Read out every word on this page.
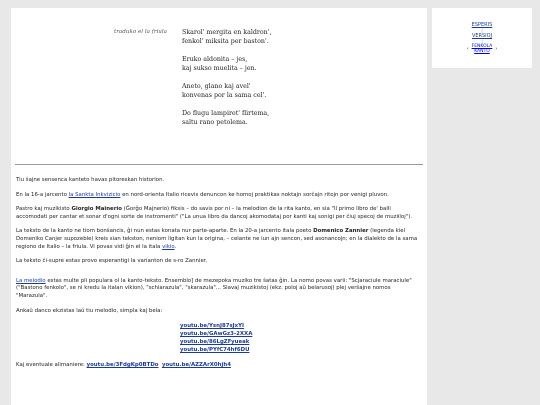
traduko el la friula Skarol' mergita en kaldron',
fenkol' miksita per baston'.
Eruko aldonita – jes,
kaj sukso muelita – jen.
Aneto, glano kaj avel'
konvenas por la sama cel'.
Do flugu lampiret' flirtema,
saltu rano petolema.

Tiu ŝajne sensenca kanteto havas pitoreskan historion.

En la 16-a jarcento la Sankta Inkvizicio en nord-orienta Italio ricevis denuncon ke homoj praktikas noktajn sorĉajn ritojn por venigi pluvon.

Pastro kaj muzikisto Giorgio Mainerio (Ĝorĝo Majnerio) fiksis – do savis por ni – la melodion de la rita kanto, en sia "Il primo libro de' balli accomodati per cantar et sonar d'ogni sorte de instromenti" ("La unua libro da dancoj akomodataj por kanti kaj sonigi per ĉiuj specoj de muziiloj").

La teksto de la kanto ne tiom bonŝancis, ĝi nun estas konata nur parte-aparte. En la 20-a jarcento itala poeto Domenico Zannier (legenda kiel Domeniko Canjer supozeble) kreis sian tekston, neniom ligitan kun la origina, – celante ne iun ajn sencon, sed asonancojn; en la dialekto de la sama regiono de Italio – la friula. Vi povas vidi ĝin el la itala vikio.

La teksto ĉi-supre estas provo esperantigi la varianton de s-ro Zannier.

La melodio estas multe pli populara ol la kanto-teksto. Ensemblo] de mezepoka muziko tre ŝatas ĝin. La nomo povas varii: "Scjaraciule maraciule" ("Bastono fenkolo", se ni kredu la italan vikion), "schiarazula", "skarazula"... Slavaj muzikistoj (ekz. poloj aŭ belarusoj) plej verŝajne nomos "Marazula".

Ankaŭ danco ekzistas laŭ tiu melodio, simpla kaj bela:

youtu.be/YsnJ87sJxYI
youtu.be/GAwGz3-2XXA
youtu.be/86LgZFyueak
youtu.be/PYfC74hf6DU

Kaj eventuale alimaniere: youtu.be/3FdgKp0BTDo youtu.be/AZZArX0hjh4

ESPERIS
|
VERSIOJ
|
‹ FENKOLA
KANTO	›
